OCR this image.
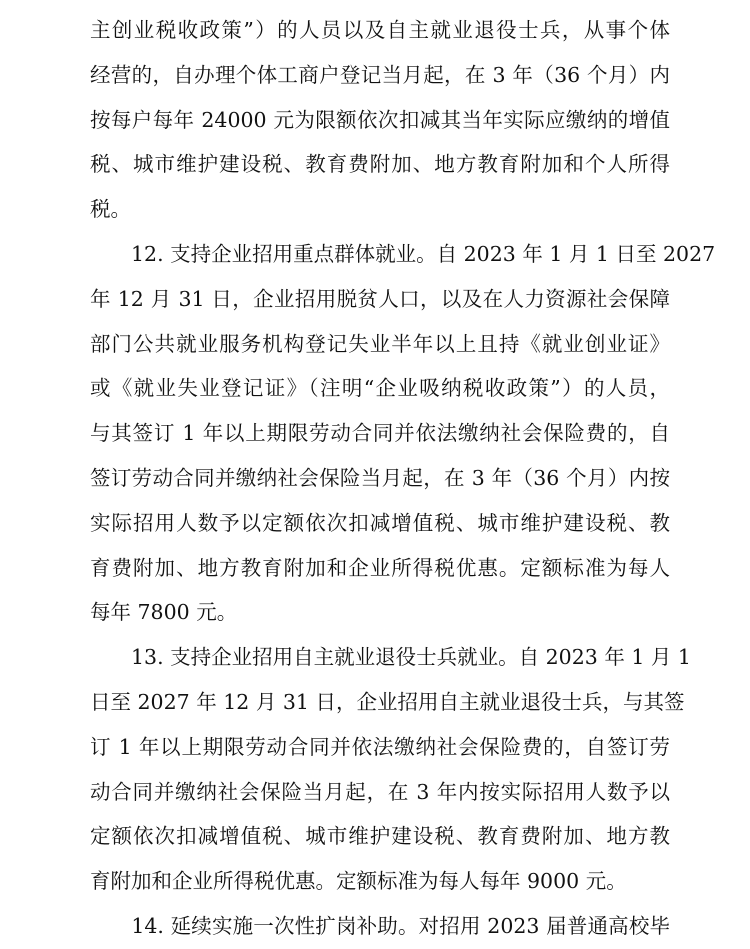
主创业税收政策”）的人员以及自主就业退役士兵，从事个体
经营的，自办理个体工商户登记当月起，在 3 年（36 个月）内
按每户每年 24000 元为限额依次扣减其当年实际应缴纳的增值
税、城市维护建设税、教育费附加、地方教育附加和个人所得
税。
　　12. 支持企业招用重点群体就业。自 2023 年 1 月 1 日至 2027
年 12 月 31 日，企业招用脱贫人口，以及在人力资源社会保障
部门公共就业服务机构登记失业半年以上且持《就业创业证》
或《就业失业登记证》（注明“企业吸纳税收政策”）的人员，
与其签订 1 年以上期限劳动合同并依法缴纳社会保险费的，自
签订劳动合同并缴纳社会保险当月起，在 3 年（36 个月）内按
实际招用人数予以定额依次扣减增值税、城市维护建设税、教
育费附加、地方教育附加和企业所得税优惠。定额标准为每人
每年 7800 元。
　　13. 支持企业招用自主就业退役士兵就业。自 2023 年 1 月 1
日至 2027 年 12 月 31 日，企业招用自主就业退役士兵，与其签
订 1 年以上期限劳动合同并依法缴纳社会保险费的，自签订劳
动合同并缴纳社会保险当月起，在 3 年内按实际招用人数予以
定额依次扣减增值税、城市维护建设税、教育费附加、地方教
育附加和企业所得税优惠。定额标准为每人每年 9000 元。
　　14. 延续实施一次性扩岗补助。对招用 2023 届普通高校毕
